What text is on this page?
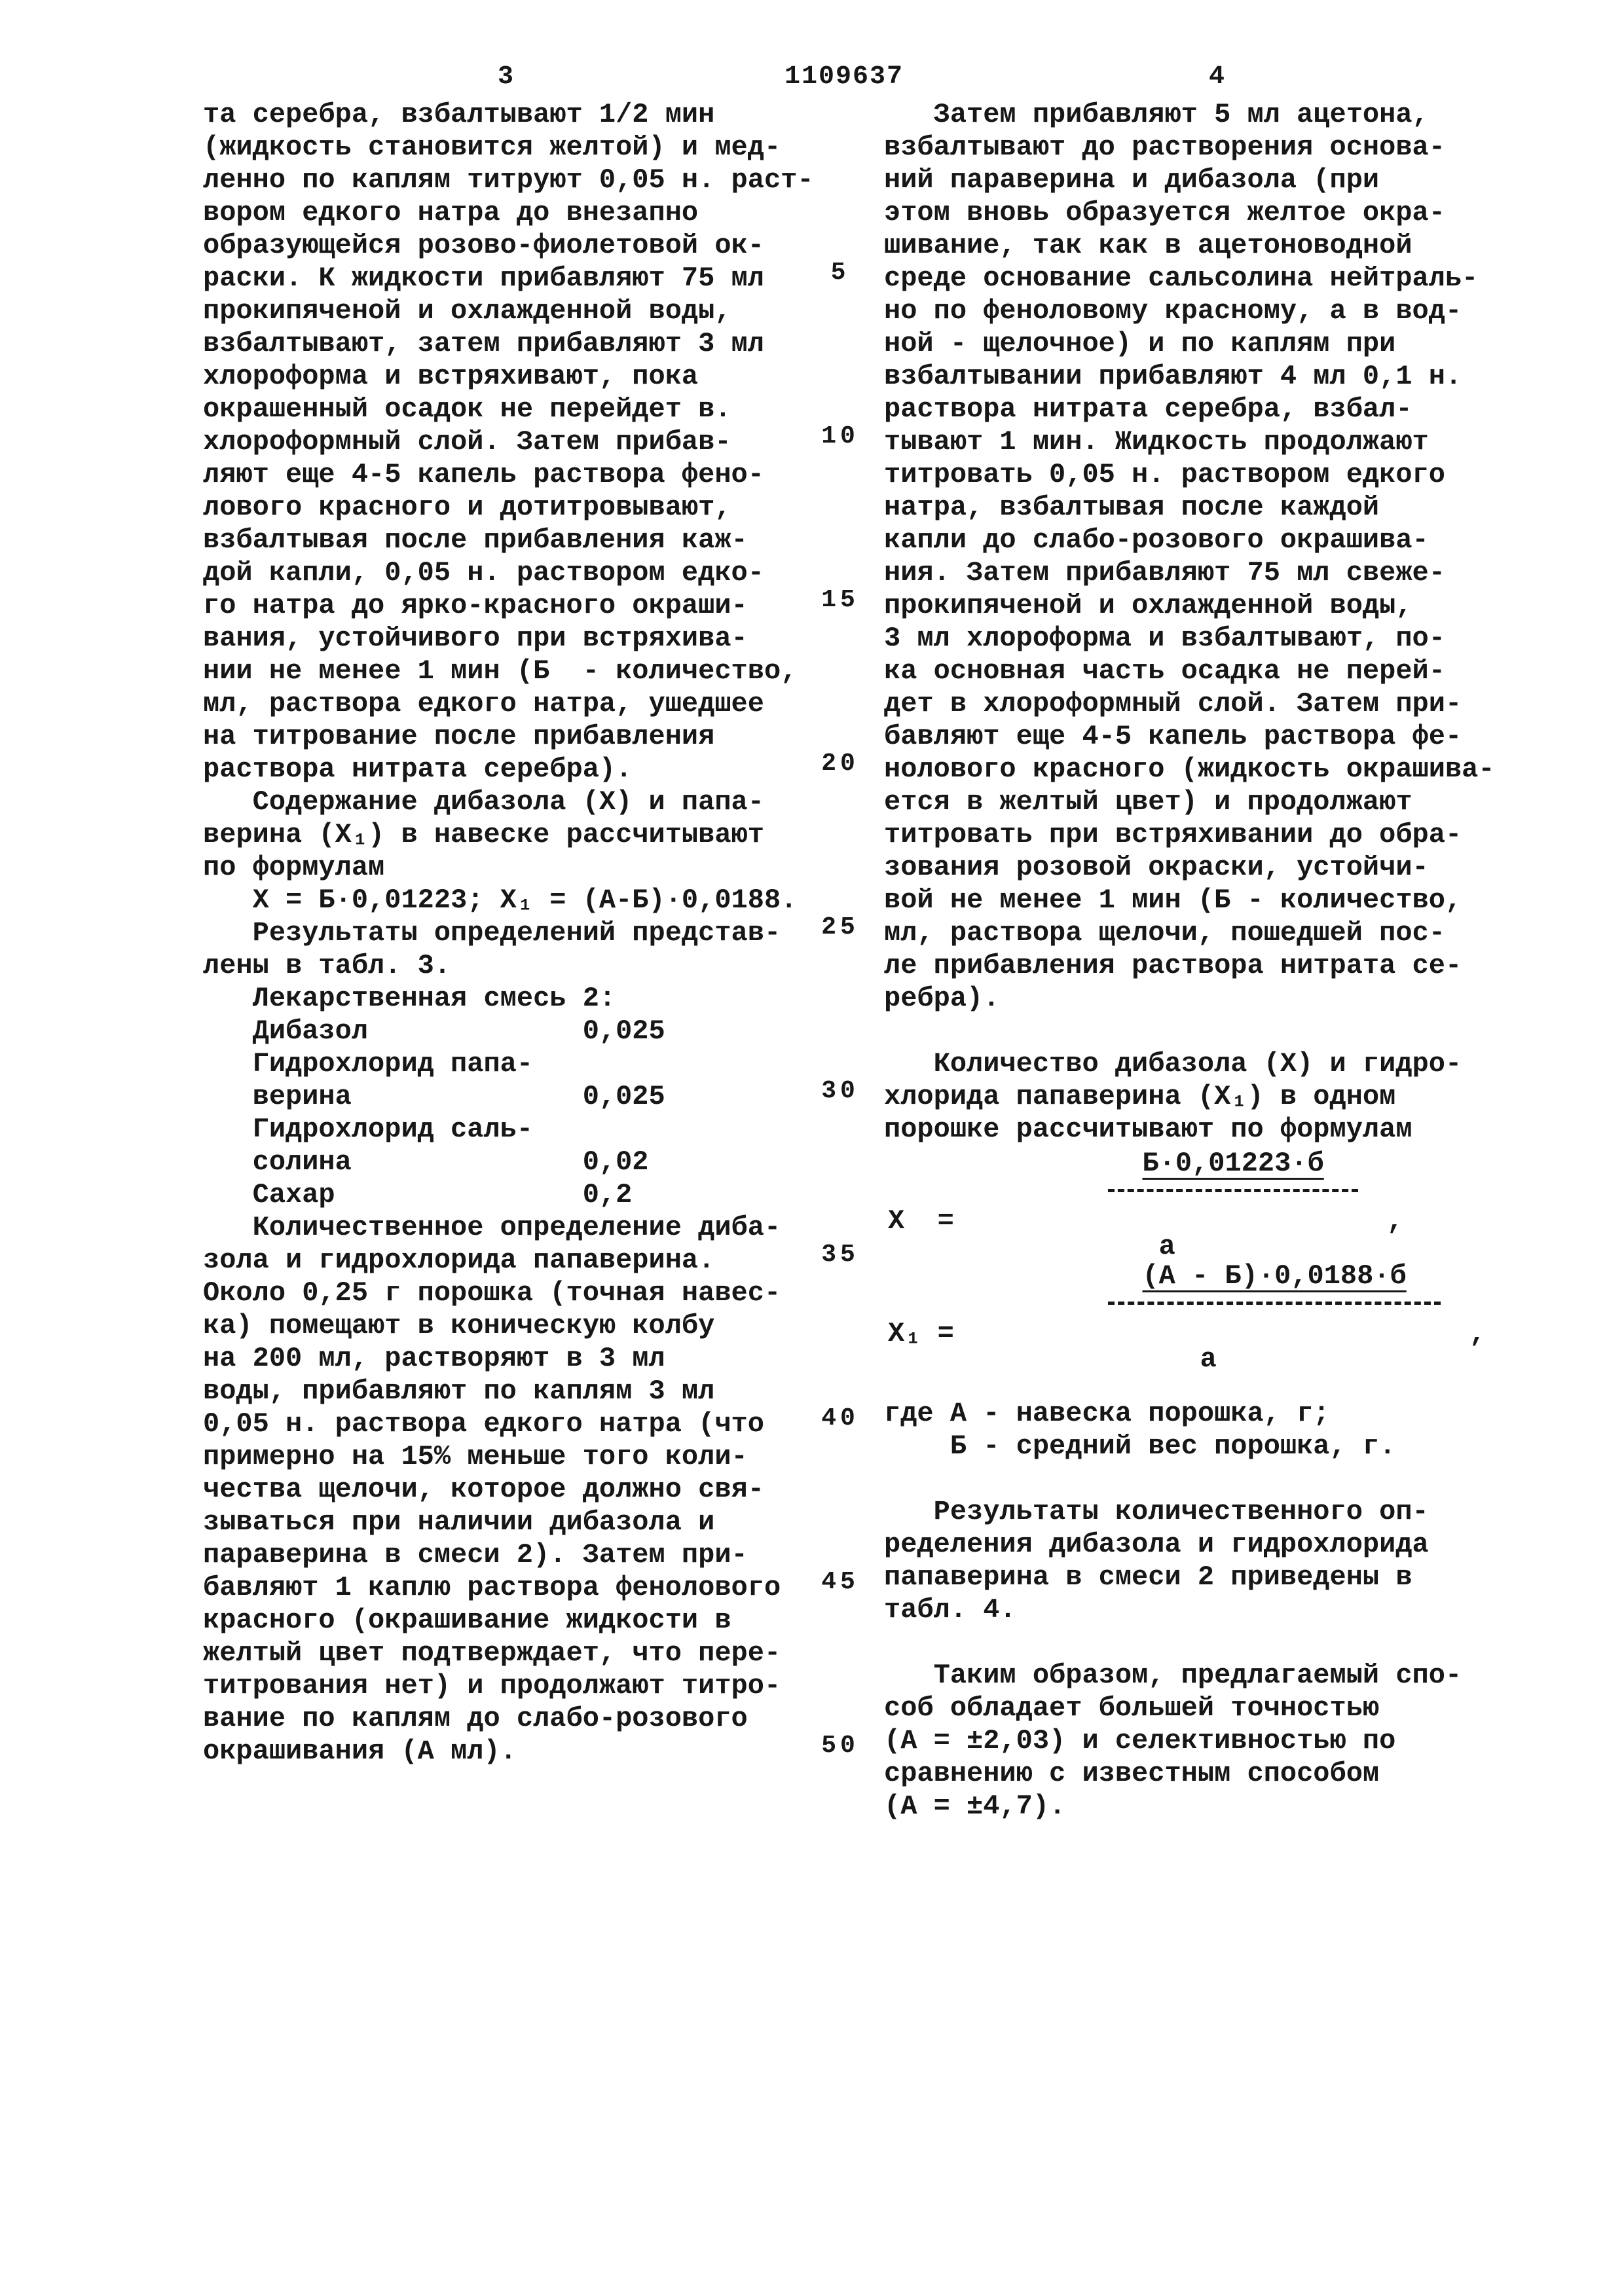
3	1109637	4
та серебра, взбалтывают 1/2 мин
(жидкость становится желтой) и мед-
ленно по каплям титруют 0,05 н. раст-
вором едкого натра до внезапно
образующейся розово-фиолетовой ок-
раски. К жидкости прибавляют 75 мл
прокипяченой и охлажденной воды,
взбалтывают, затем прибавляют 3 мл
хлороформа и встряхивают, пока
окрашенный осадок не перейдет в.
хлороформный слой. Затем прибав-
ляют еще 4-5 капель раствора фено-
лового красного и дотитровывают,
взбалтывая после прибавления каж-
дой капли, 0,05 н. раствором едко-
го натра до ярко-красного окраши-
вания, устойчивого при встряхива-
нии не менее 1 мин (Б  - количество,
мл, раствора едкого натра, ушедшее
на титрование после прибавления
раствора нитрата серебра).
Содержание дибазола (X) и папа-
верина (X₁) в навеске рассчитывают
по формулам
X = Б·0,01223; X₁ = (А-Б)·0,0188.
Результаты определений представ-
лены в табл. 3.
Лекарственная смесь 2:
Дибазол             0,025
Гидрохлорид папа-
верина              0,025
Гидрохлорид саль-
солина              0,02
Сахар               0,2
Количественное определение диба-
зола и гидрохлорида папаверина.
Около 0,25 г порошка (точная навес-
ка) помещают в коническую колбу
на 200 мл, растворяют в 3 мл
воды, прибавляют по каплям 3 мл
0,05 н. раствора едкого натра (что
примерно на 15% меньше того коли-
чества щелочи, которое должно свя-
зываться при наличии дибазола и
параверина в смеси 2). Затем при-
бавляют 1 каплю раствора фенолового
красного (окрашивание жидкости в
желтый цвет подтверждает, что пере-
титрования нет) и продолжают титро-
вание по каплям до слабо-розового
окрашивания (А мл).
5
10
15
20
25
30
35
40
45
50
Затем прибавляют 5 мл ацетона,
взбалтывают до растворения основа-
ний параверина и дибазола (при
этом вновь образуется желтое окра-
шивание, так как в ацетоноводной
среде основание сальсолина нейтраль-
но по феноловому красному, а в вод-
ной - щелочное) и по каплям при
взбалтывании прибавляют 4 мл 0,1 н.
раствора нитрата серебра, взбал-
тывают 1 мин. Жидкость продолжают
титровать 0,05 н. раствором едкого
натра, взбалтывая после каждой
капли до слабо-розового окрашива-
ния. Затем прибавляют 75 мл свеже-
прокипяченой и охлажденной воды,
3 мл хлороформа и взбалтывают, по-
ка основная часть осадка не перей-
дет в хлороформный слой. Затем при-
бавляют еще 4-5 капель раствора фе-
нолового красного (жидкость окрашива-
ется в желтый цвет) и продолжают
титровать при встряхивании до обра-
зования розовой окраски, устойчи-
вой не менее 1 мин (Б - количество,
мл, раствора щелочи, пошедшей пос-
ле прибавления раствора нитрата се-
ребра).
Количество дибазола (X) и гидро-
хлорида папаверина (X₁) в одном
порошке рассчитывают по формулам
$X = \frac{Б\cdot 0,01223\cdot б}{а}$

,
$X_1 = \frac{(А - Б)\cdot 0,0188\cdot б}{а}$

,
где А - навеска порошка, г;
Б - средний вес порошка, г.
Результаты количественного оп-
ределения дибазола и гидрохлорида
папаверина в смеси 2 приведены в
табл. 4.
Таким образом, предлагаемый спо-
соб обладает большей точностью
(А = ±2,03) и селективностью по
сравнению с известным способом
(А = ±4,7).
